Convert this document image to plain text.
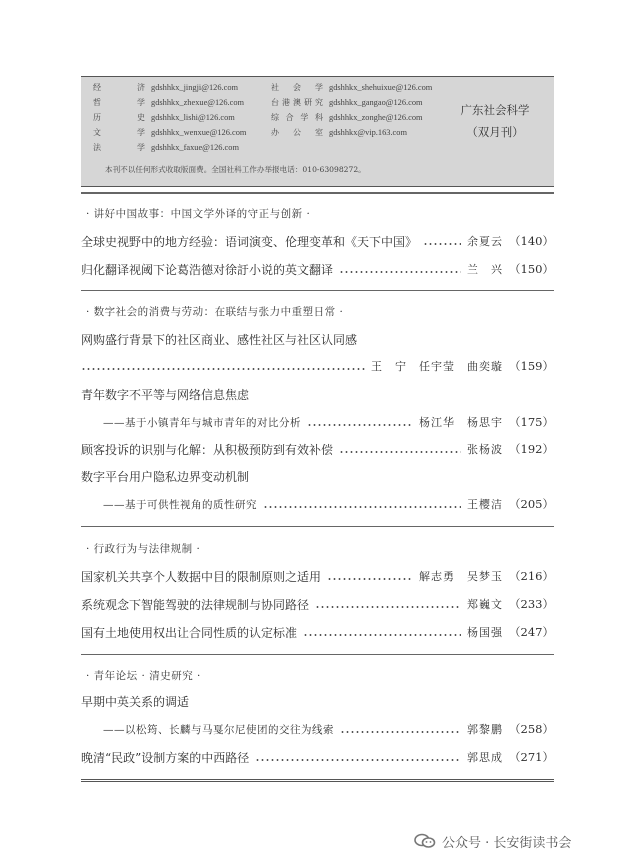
经济 gdshhkx_jingji@126.com
哲学 gdshhkx_zhexue@126.com
历史 gdshhkx_lishi@126.com
文学 gdshhkx_wenxue@126.com
法学 gdshhkx_faxue@126.com
社会学 gdshhkx_shehuixue@126.com
台港澳研究 gdshhkx_gangao@126.com
综合学科 gdshhkx_zonghe@126.com
办公室 gdshhkx@vip.163.com
广东社会科学
（双月刊）
本刊不以任何形式收取版面费。全国社科工作办举报电话：010-63098272。
· 讲好中国故事：中国文学外译的守正与创新 ·
全球史视野中的地方经验：语词演变、伦理变革和《天下中国》	余夏云 （140）
归化翻译视阈下论葛浩德对徐訏小说的英文翻译	兰　兴 （150）
· 数字社会的消费与劳动：在联结与张力中重塑日常 ·
网购盛行背景下的社区商业、感性社区与社区认同感
王　宁　任宇莹　曲奕璇 （159）
青年数字不平等与网络信息焦虑
——基于小镇青年与城市青年的对比分析	杨江华　杨思宇 （175）
顾客投诉的识别与化解：从积极预防到有效补偿	张杨波 （192）
数字平台用户隐私边界变动机制
——基于可供性视角的质性研究	王樱洁 （205）
· 行政行为与法律规制 ·
国家机关共享个人数据中目的限制原则之适用	解志勇　吴梦玉 （216）
系统观念下智能驾驶的法律规制与协同路径	郑巍文 （233）
国有土地使用权出让合同性质的认定标准	杨国强 （247）
· 青年论坛 · 清史研究 ·
早期中英关系的调适
——以松筠、长麟与马戛尔尼使团的交往为线索	郭黎鹏 （258）
晚清“民政”设制方案的中西路径	郭思成 （271）
公众号 · 长安街读书会
